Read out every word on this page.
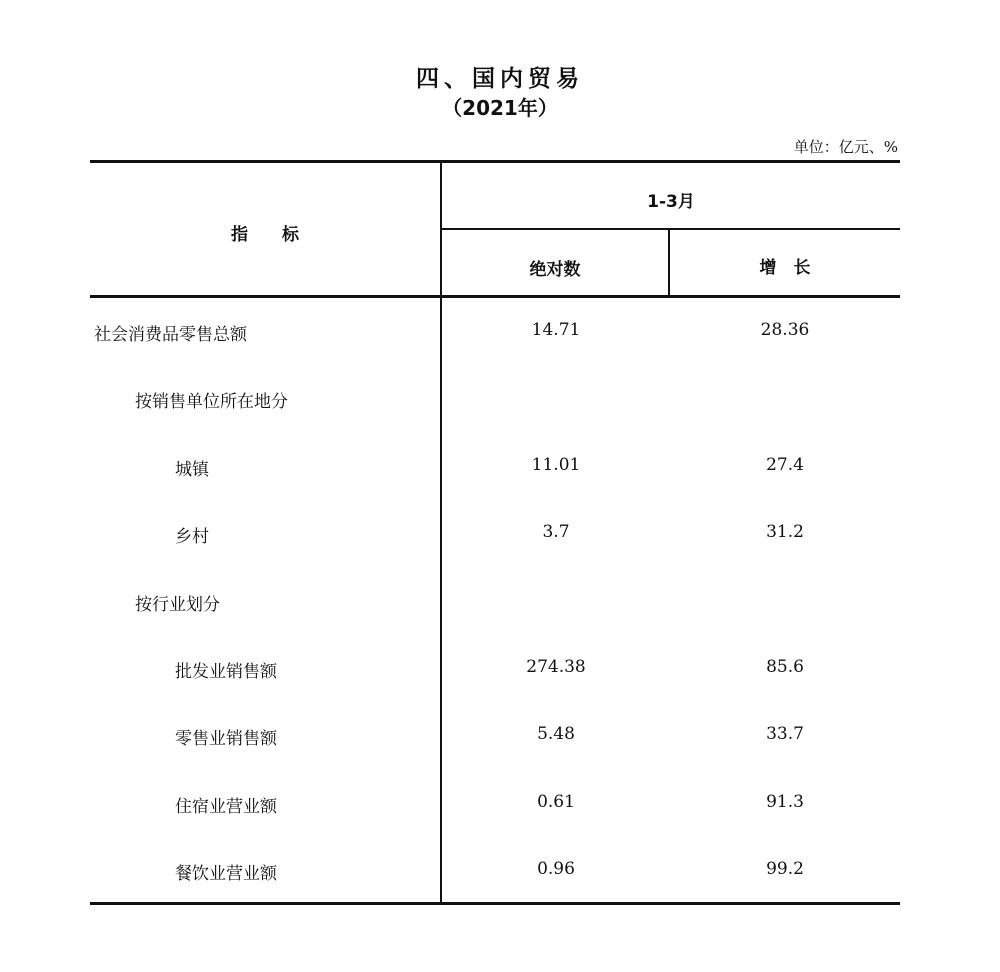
四、国内贸易
（2021年）
单位：亿元、%
指　　标
1-3月
绝对数	增　长
社会消费品零售总额	14.71	28.36
按销售单位所在地分
城镇	11.01	27.4
乡村	3.7	31.2
按行业划分
批发业销售额	274.38	85.6
零售业销售额	5.48	33.7
住宿业营业额	0.61	91.3
餐饮业营业额	0.96	99.2
